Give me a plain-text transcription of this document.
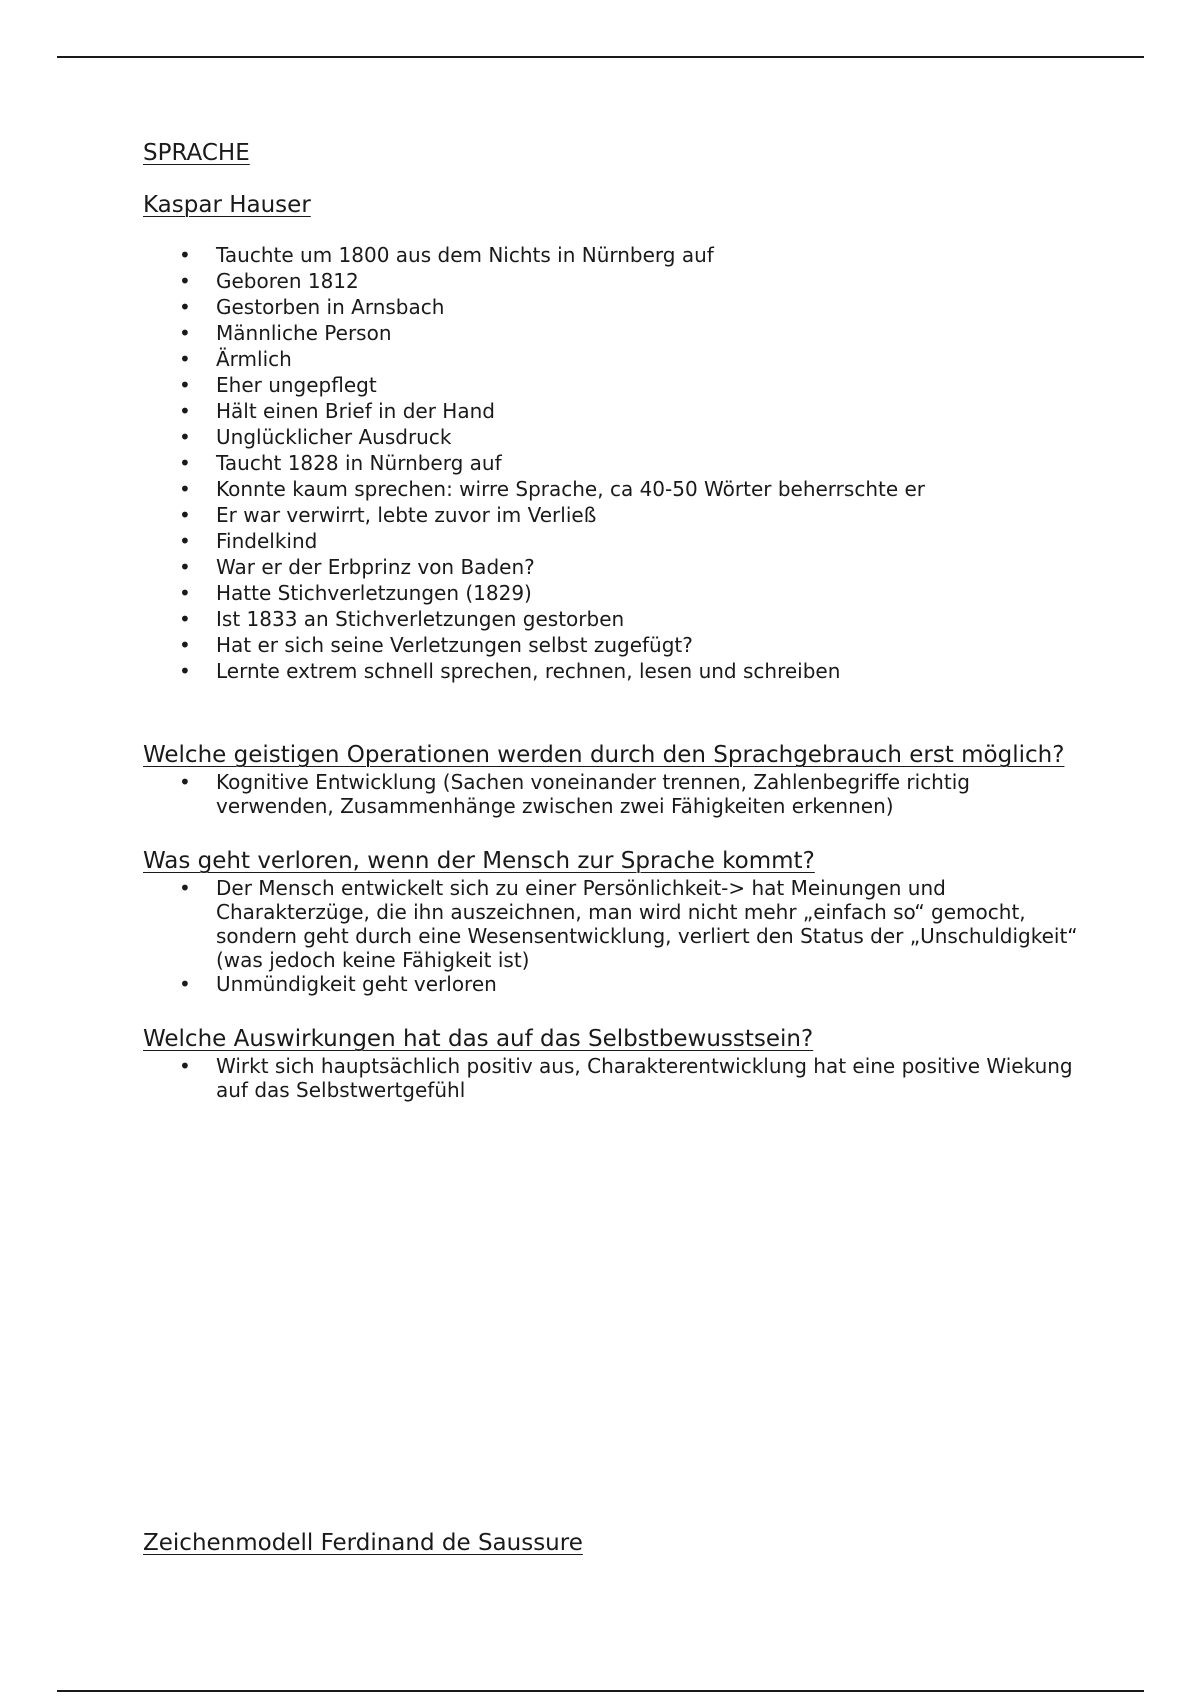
SPRACHE
Kaspar Hauser
• Tauchte um 1800 aus dem Nichts in Nürnberg auf
• Geboren 1812
• Gestorben in Arnsbach
• Männliche Person
• Ärmlich
• Eher ungepflegt
• Hält einen Brief in der Hand
• Unglücklicher Ausdruck
• Taucht 1828 in Nürnberg auf
• Konnte kaum sprechen: wirre Sprache, ca 40-50 Wörter beherrschte er
• Er war verwirrt, lebte zuvor im Verließ
• Findelkind
• War er der Erbprinz von Baden?
• Hatte Stichverletzungen (1829)
• Ist 1833 an Stichverletzungen gestorben
• Hat er sich seine Verletzungen selbst zugefügt?
• Lernte extrem schnell sprechen, rechnen, lesen und schreiben
Welche geistigen Operationen werden durch den Sprachgebrauch erst möglich?
• Kognitive Entwicklung (Sachen voneinander trennen, Zahlenbegriffe richtig verwenden, Zusammenhänge zwischen zwei Fähigkeiten erkennen)
Was geht verloren, wenn der Mensch zur Sprache kommt?
• Der Mensch entwickelt sich zu einer Persönlichkeit-> hat Meinungen und Charakterzüge, die ihn auszeichnen, man wird nicht mehr „einfach so“ gemocht, sondern geht durch eine Wesensentwicklung, verliert den Status der „Unschuldigkeit“ (was jedoch keine Fähigkeit ist)
• Unmündigkeit geht verloren
Welche Auswirkungen hat das auf das Selbstbewusstsein?
• Wirkt sich hauptsächlich positiv aus, Charakterentwicklung hat eine positive Wiekung auf das Selbstwertgefühl
Zeichenmodell Ferdinand de Saussure
